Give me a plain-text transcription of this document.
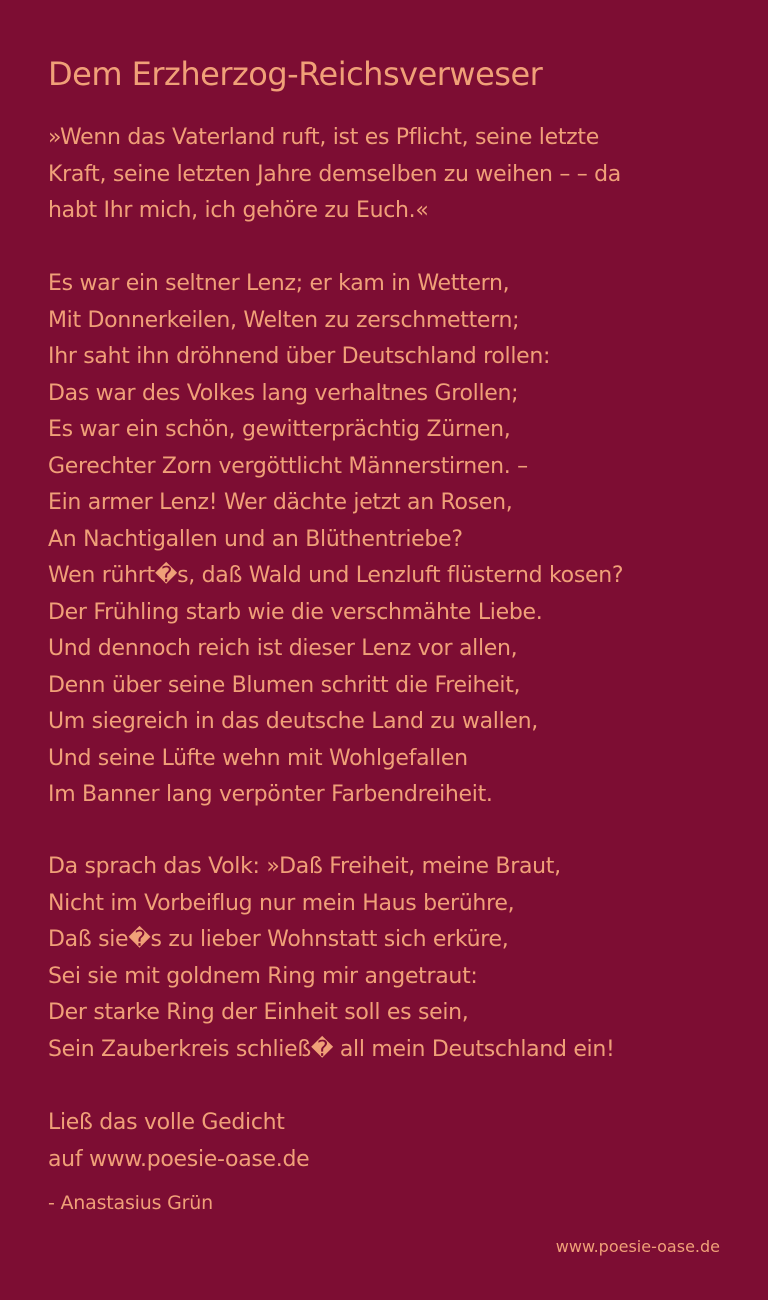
Dem Erzherzog-Reichsverweser
»Wenn das Vaterland ruft, ist es Pflicht, seine letzte
Kraft, seine letzten Jahre demselben zu weihen – – da
habt Ihr mich, ich gehöre zu Euch.«
Es war ein seltner Lenz; er kam in Wettern,
Mit Donnerkeilen, Welten zu zerschmettern;
Ihr saht ihn dröhnend über Deutschland rollen:
Das war des Volkes lang verhaltnes Grollen;
Es war ein schön, gewitterprächtig Zürnen,
Gerechter Zorn vergöttlicht Männerstirnen. –
Ein armer Lenz! Wer dächte jetzt an Rosen,
An Nachtigallen und an Blüthentriebe?
Wen rührt�s, daß Wald und Lenzluft flüsternd kosen?
Der Frühling starb wie die verschmähte Liebe.
Und dennoch reich ist dieser Lenz vor allen,
Denn über seine Blumen schritt die Freiheit,
Um siegreich in das deutsche Land zu wallen,
Und seine Lüfte wehn mit Wohlgefallen
Im Banner lang verpönter Farbendreiheit.
Da sprach das Volk: »Daß Freiheit, meine Braut,
Nicht im Vorbeiflug nur mein Haus berühre,
Daß sie�s zu lieber Wohnstatt sich erküre,
Sei sie mit goldnem Ring mir angetraut:
Der starke Ring der Einheit soll es sein,
Sein Zauberkreis schließ� all mein Deutschland ein!
Ließ das volle Gedicht
auf www.poesie-oase.de
- Anastasius Grün
www.poesie-oase.de
